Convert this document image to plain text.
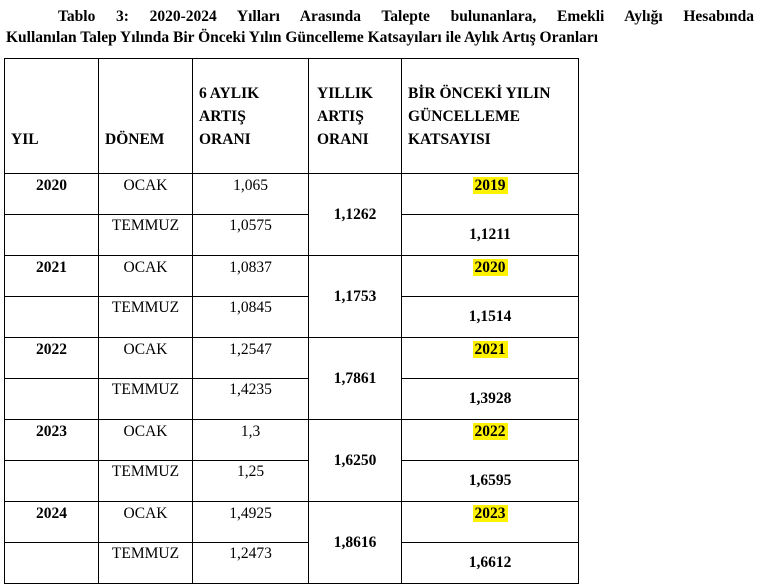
Tablo 3: 2020-2024 Yılları Arasında Talepte bulunanlara, Emekli Aylığı Hesabında
Kullanılan Talep Yılında Bir Önceki Yılın Güncelleme Katsayıları ile Aylık Artış Oranları
YIL	DÖNEM	6 AYLIK
ARTIŞ
ORANI	YILLIK
ARTIŞ
ORANI	BİR ÖNCEKİ YILIN
GÜNCELLEME
KATSAYISI
2020	OCAK	1,065	1,1262	2019
	TEMMUZ	1,0575		1,1211
2021	OCAK	1,0837	1,1753	2020
	TEMMUZ	1,0845		1,1514
2022	OCAK	1,2547	1,7861	2021
	TEMMUZ	1,4235		1,3928
2023	OCAK	1,3	1,6250	2022
	TEMMUZ	1,25		1,6595
2024	OCAK	1,4925	1,8616	2023
	TEMMUZ	1,2473		1,6612
